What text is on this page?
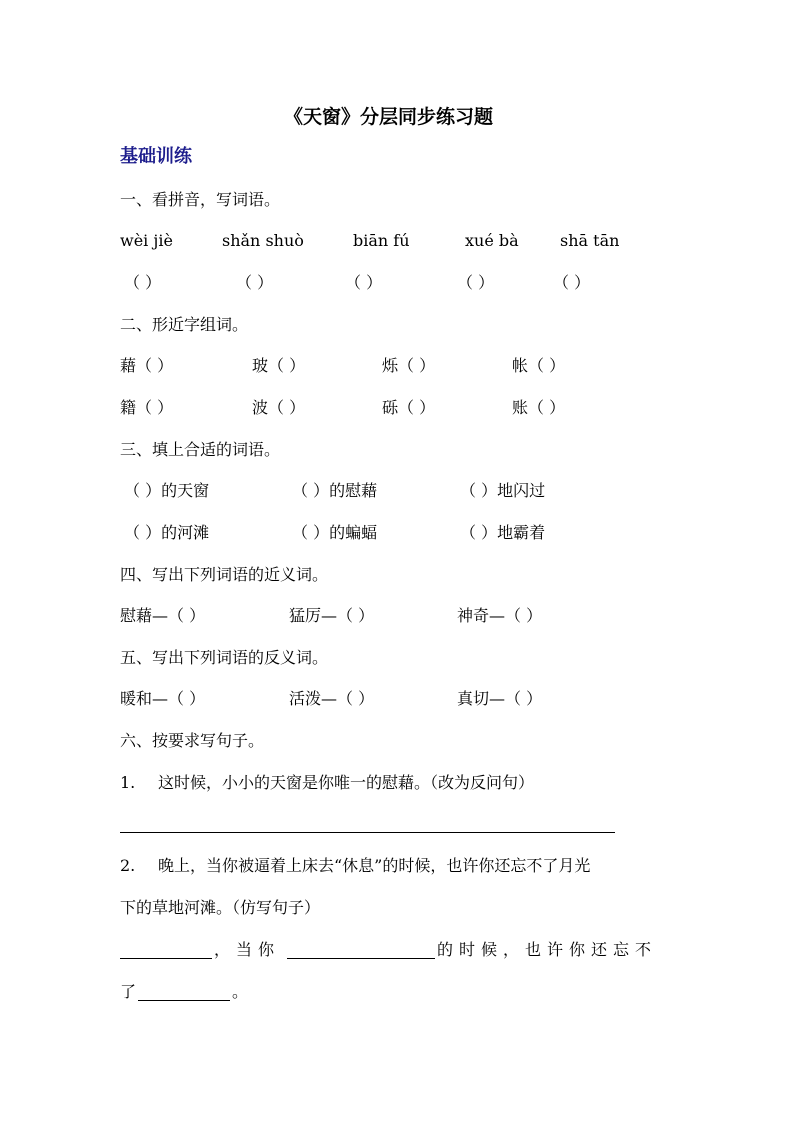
《天窗》分层同步练习题
基础训练
一、看拼音，写词语。
wèi jiè	shǎn shuò	biān fú	xué bà	shā tān
（ ）	（ ）	（ ）	（ ）	（ ）
二、形近字组词。
藉（ ）	玻（ ）	烁（ ）	帐（ ）
籍（ ）	波（ ）	砾（ ）	账（ ）
三、填上合适的词语。
（ ）的天窗	（ ）的慰藉	（ ）地闪过
（ ）的河滩	（ ）的蝙蝠	（ ）地霸着
四、写出下列词语的近义词。
慰藉—（ ）	猛厉—（ ）	神奇—（ ）
五、写出下列词语的反义词。
暖和—（ ）	活泼—（ ）	真切—（ ）
六、按要求写句子。
1. 这时候，小小的天窗是你唯一的慰藉。（改为反问句）
2. 晚上，当你被逼着上床去“休息”的时候，也许你还忘不了月光
下的草地河滩。（仿写句子）
，当你	的时候，也许你还忘不
了	。
